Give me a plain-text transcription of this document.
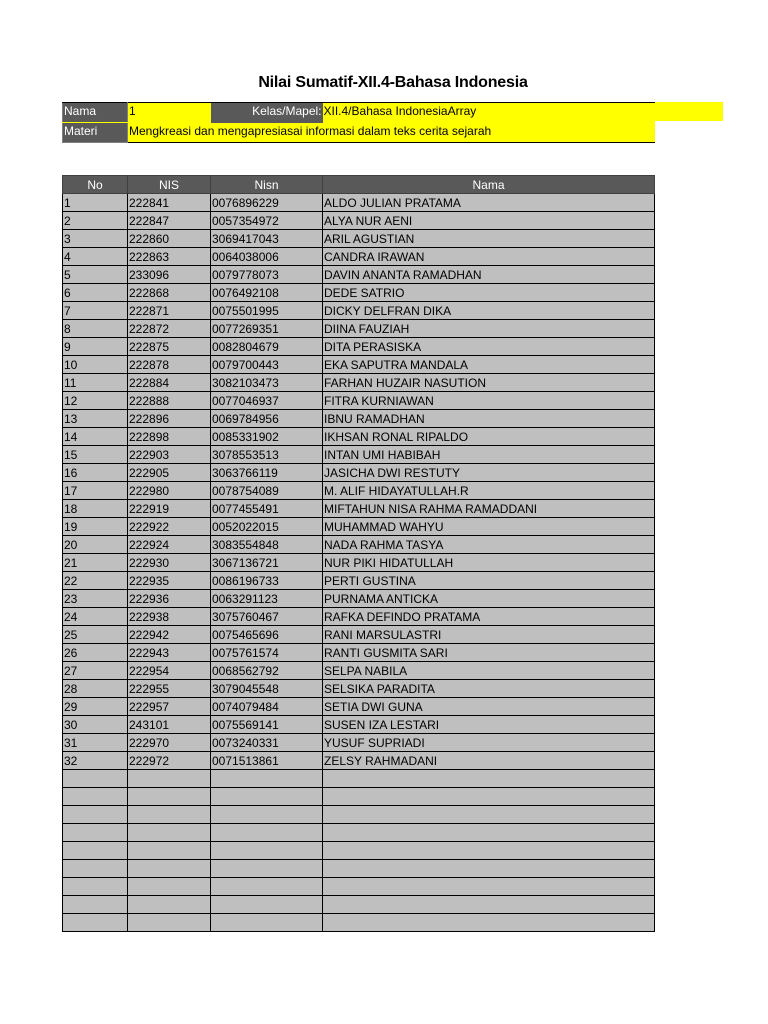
Nilai Sumatif-XII.4-Bahasa Indonesia
Nama	1	Kelas/Mapel:	XII.4/Bahasa IndonesiaArray
Materi	Mengkreasi dan mengapresiasai informasi dalam teks cerita sejarah		
No	NIS	Nisn	Nama
1	222841	0076896229	ALDO JULIAN PRATAMA
2	222847	0057354972	ALYA NUR AENI
3	222860	3069417043	ARIL AGUSTIAN
4	222863	0064038006	CANDRA IRAWAN
5	233096	0079778073	DAVIN ANANTA RAMADHAN
6	222868	0076492108	DEDE SATRIO
7	222871	0075501995	DICKY DELFRAN DIKA
8	222872	0077269351	DIINA FAUZIAH
9	222875	0082804679	DITA PERASISKA
10	222878	0079700443	EKA SAPUTRA MANDALA
11	222884	3082103473	FARHAN HUZAIR NASUTION
12	222888	0077046937	FITRA KURNIAWAN
13	222896	0069784956	IBNU RAMADHAN
14	222898	0085331902	IKHSAN RONAL RIPALDO
15	222903	3078553513	INTAN UMI HABIBAH
16	222905	3063766119	JASICHA DWI RESTUTY
17	222980	0078754089	M. ALIF HIDAYATULLAH.R
18	222919	0077455491	MIFTAHUN NISA RAHMA RAMADDANI
19	222922	0052022015	MUHAMMAD WAHYU
20	222924	3083554848	NADA RAHMA TASYA
21	222930	3067136721	NUR PIKI HIDATULLAH
22	222935	0086196733	PERTI GUSTINA
23	222936	0063291123	PURNAMA ANTICKA
24	222938	3075760467	RAFKA DEFINDO PRATAMA
25	222942	0075465696	RANI MARSULASTRI
26	222943	0075761574	RANTI GUSMITA SARI
27	222954	0068562792	SELPA NABILA
28	222955	3079045548	SELSIKA PARADITA
29	222957	0074079484	SETIA DWI GUNA
30	243101	0075569141	SUSEN IZA LESTARI
31	222970	0073240331	YUSUF SUPRIADI
32	222972	0071513861	ZELSY RAHMADANI
